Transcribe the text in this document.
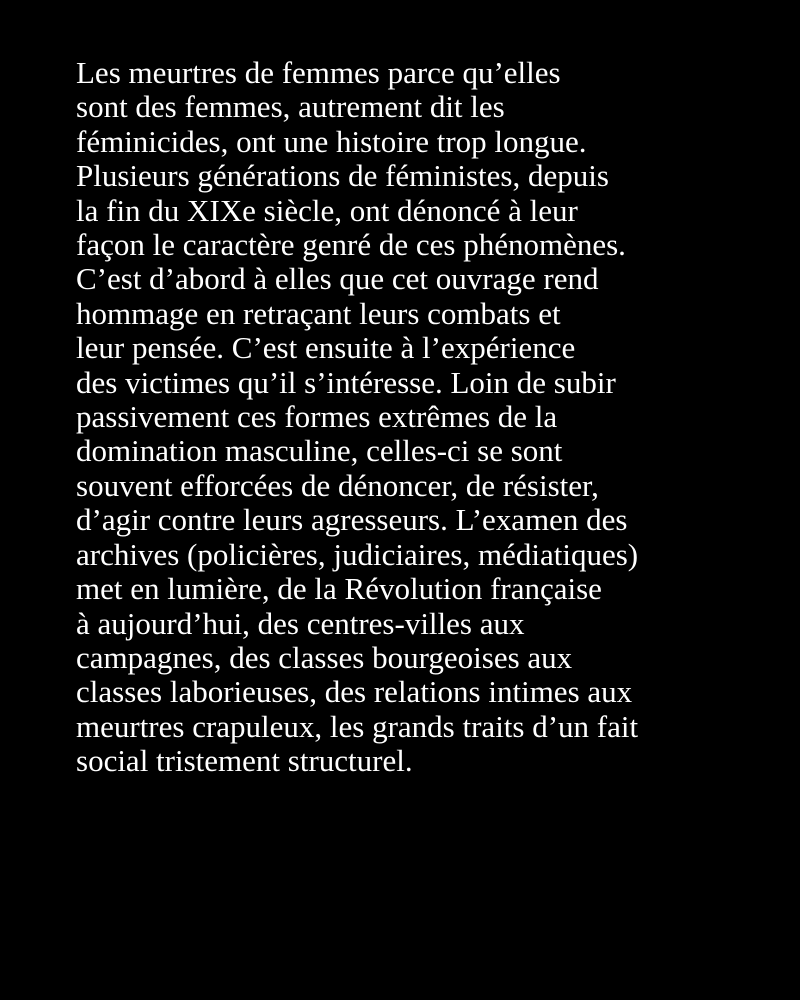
Les meurtres de femmes parce qu’elles
sont des femmes, autrement dit les
féminicides, ont une histoire trop longue.
Plusieurs générations de féministes, depuis
la fin du XIXe siècle, ont dénoncé à leur
façon le caractère genré de ces phénomènes.
C’est d’abord à elles que cet ouvrage rend
hommage en retraçant leurs combats et
leur pensée. C’est ensuite à l’expérience
des victimes qu’il s’intéresse. Loin de subir
passivement ces formes extrêmes de la
domination masculine, celles-ci se sont
souvent efforcées de dénoncer, de résister,
d’agir contre leurs agresseurs. L’examen des
archives (policières, judiciaires, médiatiques)
met en lumière, de la Révolution française
à aujourd’hui, des centres-villes aux
campagnes, des classes bourgeoises aux
classes laborieuses, des relations intimes aux
meurtres crapuleux, les grands traits d’un fait
social tristement structurel.
